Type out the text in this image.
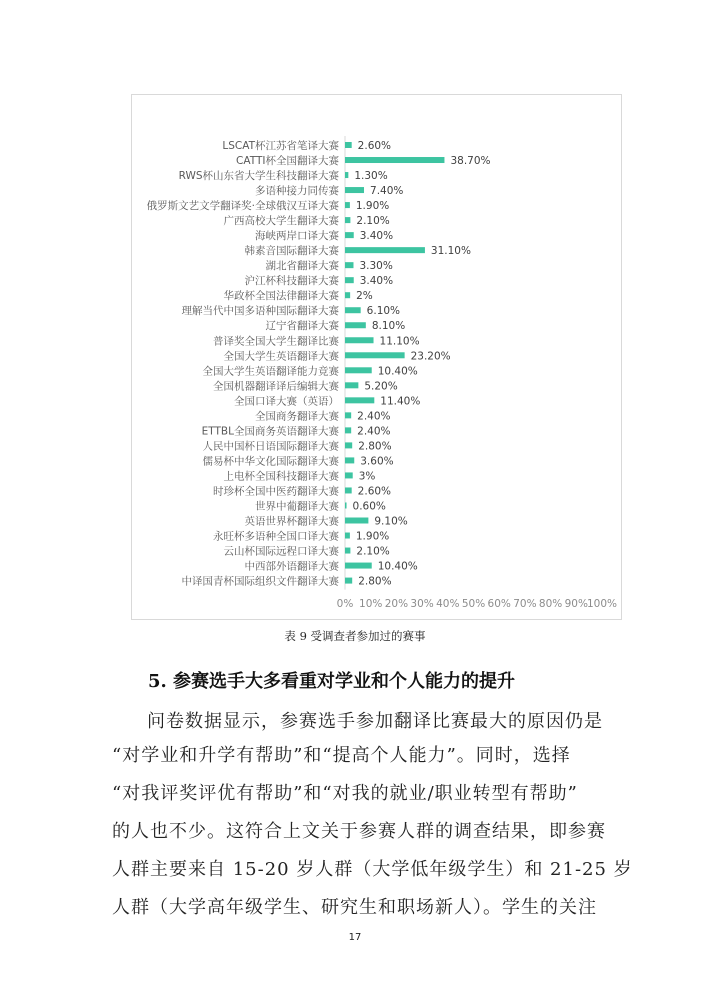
LSCAT杯江苏省笔译大赛 2.60%
CATTI杯全国翻译大赛	38.70%
RWS杯山东省大学生科技翻译大赛 1.30%
多语种接力同传赛	7.40%
俄罗斯文艺文学翻译奖·全球俄汉互译大赛 1.90%
广西高校大学生翻译大赛 2.10%
海峡两岸口译大赛 3.40%
韩素音国际翻译大赛	31.10%
湖北省翻译大赛 3.30%
沪江杯科技翻译大赛 3.40%
华政杯全国法律翻译大赛 2%
理解当代中国多语种国际翻译大赛	6.10%
辽宁省翻译大赛	8.10%
普译奖全国大学生翻译比赛	11.10%
全国大学生英语翻译大赛	23.20%
全国大学生英语翻译能力竞赛	10.40%
全国机器翻译译后编辑大赛 5.20%
全国口译大赛（英语）	11.40%
全国商务翻译大赛 2.40%
ETTBL全国商务英语翻译大赛 2.40%
人民中国杯日语国际翻译大赛 2.80%
儒易杯中华文化国际翻译大赛 3.60%
上电杯全国科技翻译大赛 3%
时珍杯全国中医药翻译大赛 2.60%
世界中葡翻译大赛 0.60%
英语世界杯翻译大赛	9.10%
永旺杯多语种全国口译大赛 1.90%
云山杯国际远程口译大赛 2.10%
中西部外语翻译大赛	10.40%
中译国青杯国际组织文件翻译大赛 2.80%
0% 10% 20% 30% 40% 50% 60% 70% 80% 90% 100%
表 9 受调查者参加过的赛事
5. 参赛选手大多看重对学业和个人能力的提升
问卷数据显示，参赛选手参加翻译比赛最大的原因仍是
“对学业和升学有帮助”和“提高个人能力”。同时，选择
“对我评奖评优有帮助”和“对我的就业/职业转型有帮助”
的人也不少。这符合上文关于参赛人群的调查结果，即参赛
人群主要来自 15-20 岁人群（大学低年级学生）和 21-25 岁
人群（大学高年级学生、研究生和职场新人）。学生的关注
17
